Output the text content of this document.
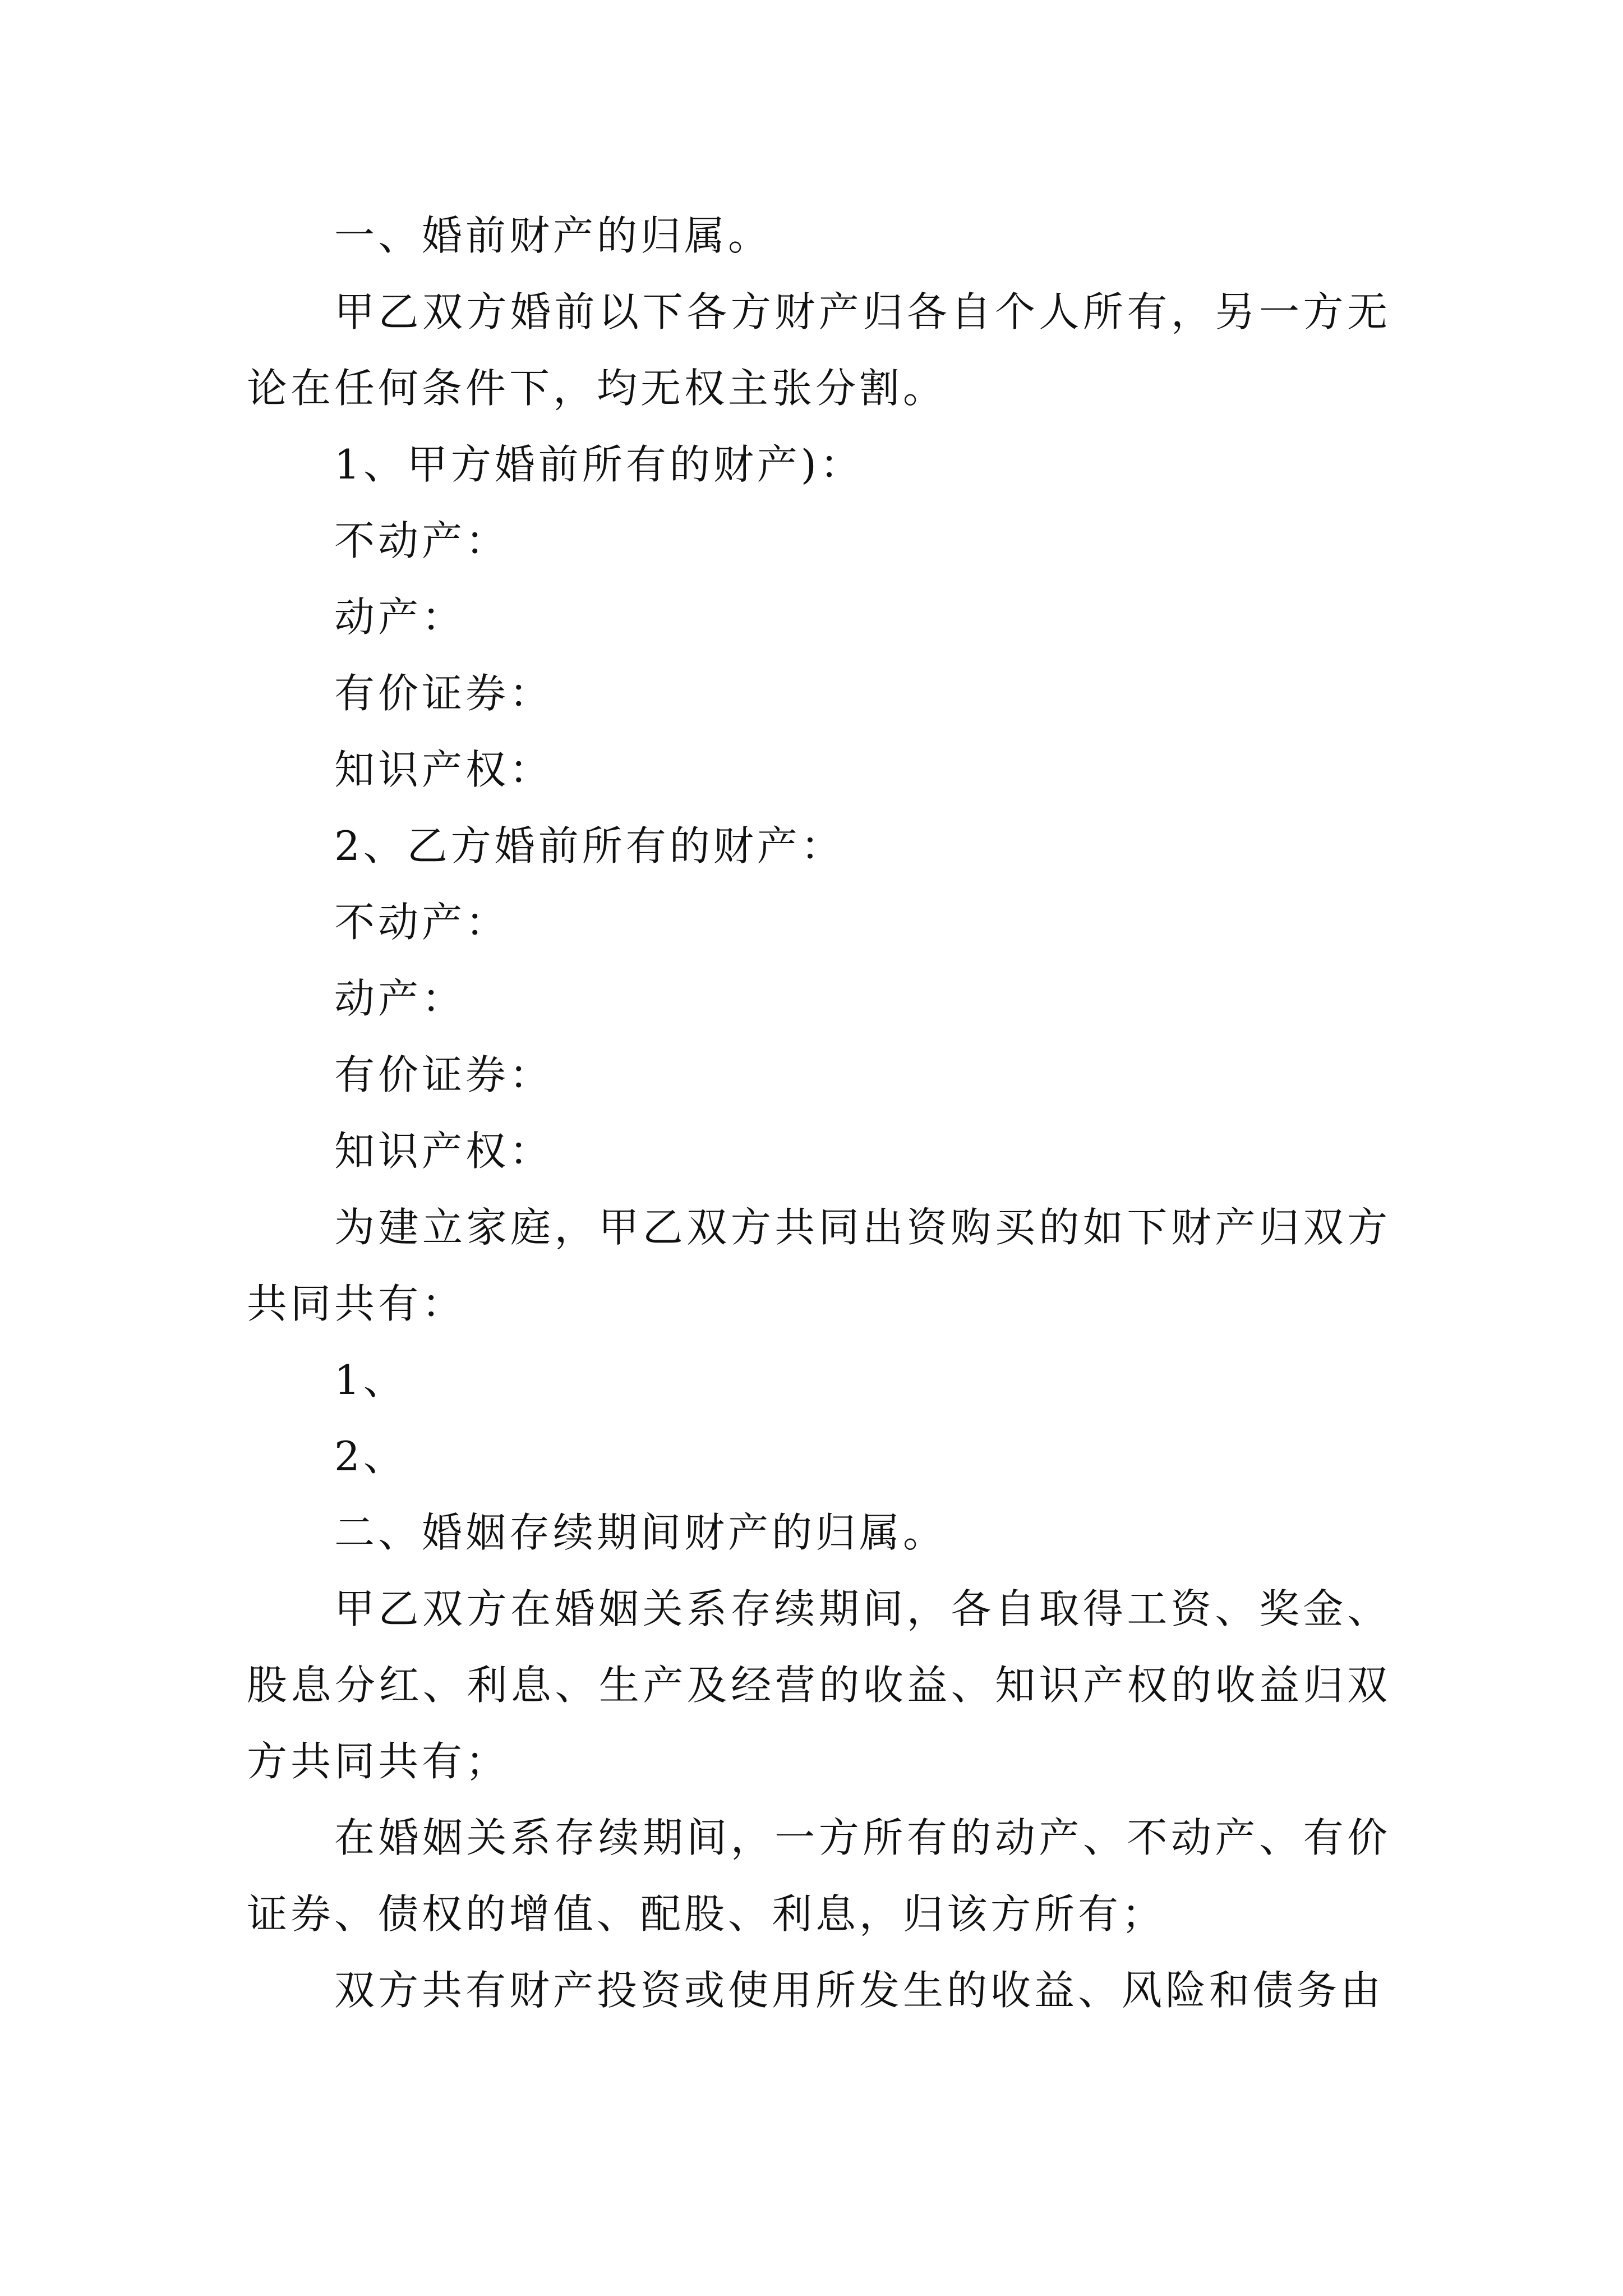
一、婚前财产的归属。

甲乙双方婚前以下各方财产归各自个人所有，另一方无论在任何条件下，均无权主张分割。

1、甲方婚前所有的财产)：

不动产：

动产：

有价证券：

知识产权：

2、乙方婚前所有的财产：

不动产：

动产：

有价证券：

知识产权：

为建立家庭，甲乙双方共同出资购买的如下财产归双方共同共有：

1、

2、

二、婚姻存续期间财产的归属。

甲乙双方在婚姻关系存续期间，各自取得工资、奖金、股息分红、利息、生产及经营的收益、知识产权的收益归双方共同共有；

在婚姻关系存续期间，一方所有的动产、不动产、有价证券、债权的增值、配股、利息，归该方所有；

双方共有财产投资或使用所发生的收益、风险和债务由
